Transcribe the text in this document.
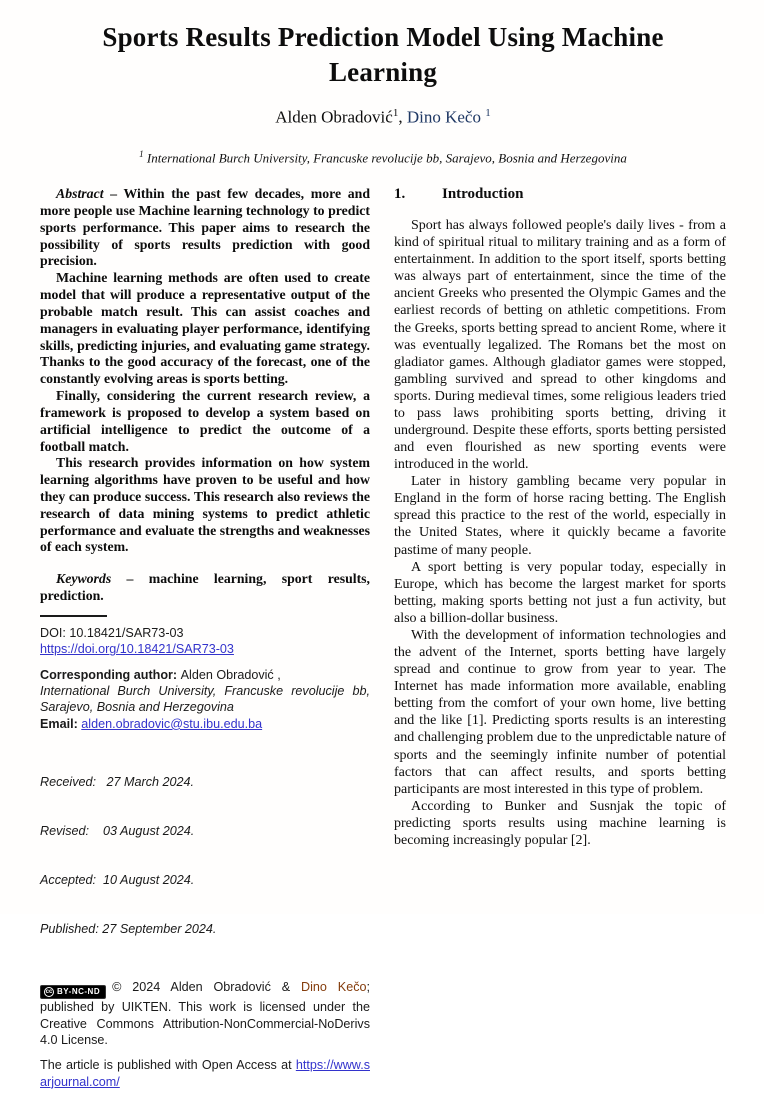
Sports Results Prediction Model Using Machine Learning
Alden Obradović$^1$, Dino Kečo $^1$
$^1$ International Burch University, Francuske revolucije bb, Sarajevo, Bosnia and Herzegovina

Abstract – Within the past few decades, more and more people use Machine learning technology to predict sports performance. This paper aims to research the possibility of sports results prediction with good precision.

Machine learning methods are often used to create model that will produce a representative output of the probable match result. This can assist coaches and managers in evaluating player performance, identifying skills, predicting injuries, and evaluating game strategy. Thanks to the good accuracy of the forecast, one of the constantly evolving areas is sports betting.

Finally, considering the current research review, a framework is proposed to develop a system based on artificial intelligence to predict the outcome of a football match.

This research provides information on how system learning algorithms have proven to be useful and how they can produce success. This research also reviews the research of data mining systems to predict athletic performance and evaluate the strengths and weaknesses of each system.

Keywords – machine learning, sport results, prediction.

DOI: 10.18421/SAR73-03
https://doi.org/10.18421/SAR73-03
Corresponding author: Alden Obradović ,
International Burch University, Francuske revolucije bb, Sarajevo, Bosnia and Herzegovina
Email: alden.obradovic@stu.ibu.edu.ba

Received:   27 March 2024.

Revised:    03 August 2024.

Accepted:  10 August 2024.

Published: 27 September 2024.

cc BY-NC-ND © 2024 Alden Obradović & Dino Kečo; published by UIKTEN. This work is licensed under the Creative Commons Attribution-NonCommercial-NoDerivs 4.0 License.

The article is published with Open Access at https://www.sarjournal.com/

1. Introduction

Sport has always followed people's daily lives - from a kind of spiritual ritual to military training and as a form of entertainment. In addition to the sport itself, sports betting was always part of entertainment, since the time of the ancient Greeks who presented the Olympic Games and the earliest records of betting on athletic competitions. From the Greeks, sports betting spread to ancient Rome, where it was eventually legalized. The Romans bet the most on gladiator games. Although gladiator games were stopped, gambling survived and spread to other kingdoms and sports. During medieval times, some religious leaders tried to pass laws prohibiting sports betting, driving it underground. Despite these efforts, sports betting persisted and even flourished as new sporting events were introduced in the world.

Later in history gambling became very popular in England in the form of horse racing betting. The English spread this practice to the rest of the world, especially in the United States, where it quickly became a favorite pastime of many people.

A sport betting is very popular today, especially in Europe, which has become the largest market for sports betting, making sports betting not just a fun activity, but also a billion-dollar business.

With the development of information technologies and the advent of the Internet, sports betting have largely spread and continue to grow from year to year. The Internet has made information more available, enabling betting from the comfort of your own home, live betting and the like [1]. Predicting sports results is an interesting and challenging problem due to the unpredictable nature of sports and the seemingly infinite number of potential factors that can affect results, and sports betting participants are most interested in this type of problem.

According to Bunker and Susnjak the topic of predicting sports results using machine learning is becoming increasingly popular [2].
